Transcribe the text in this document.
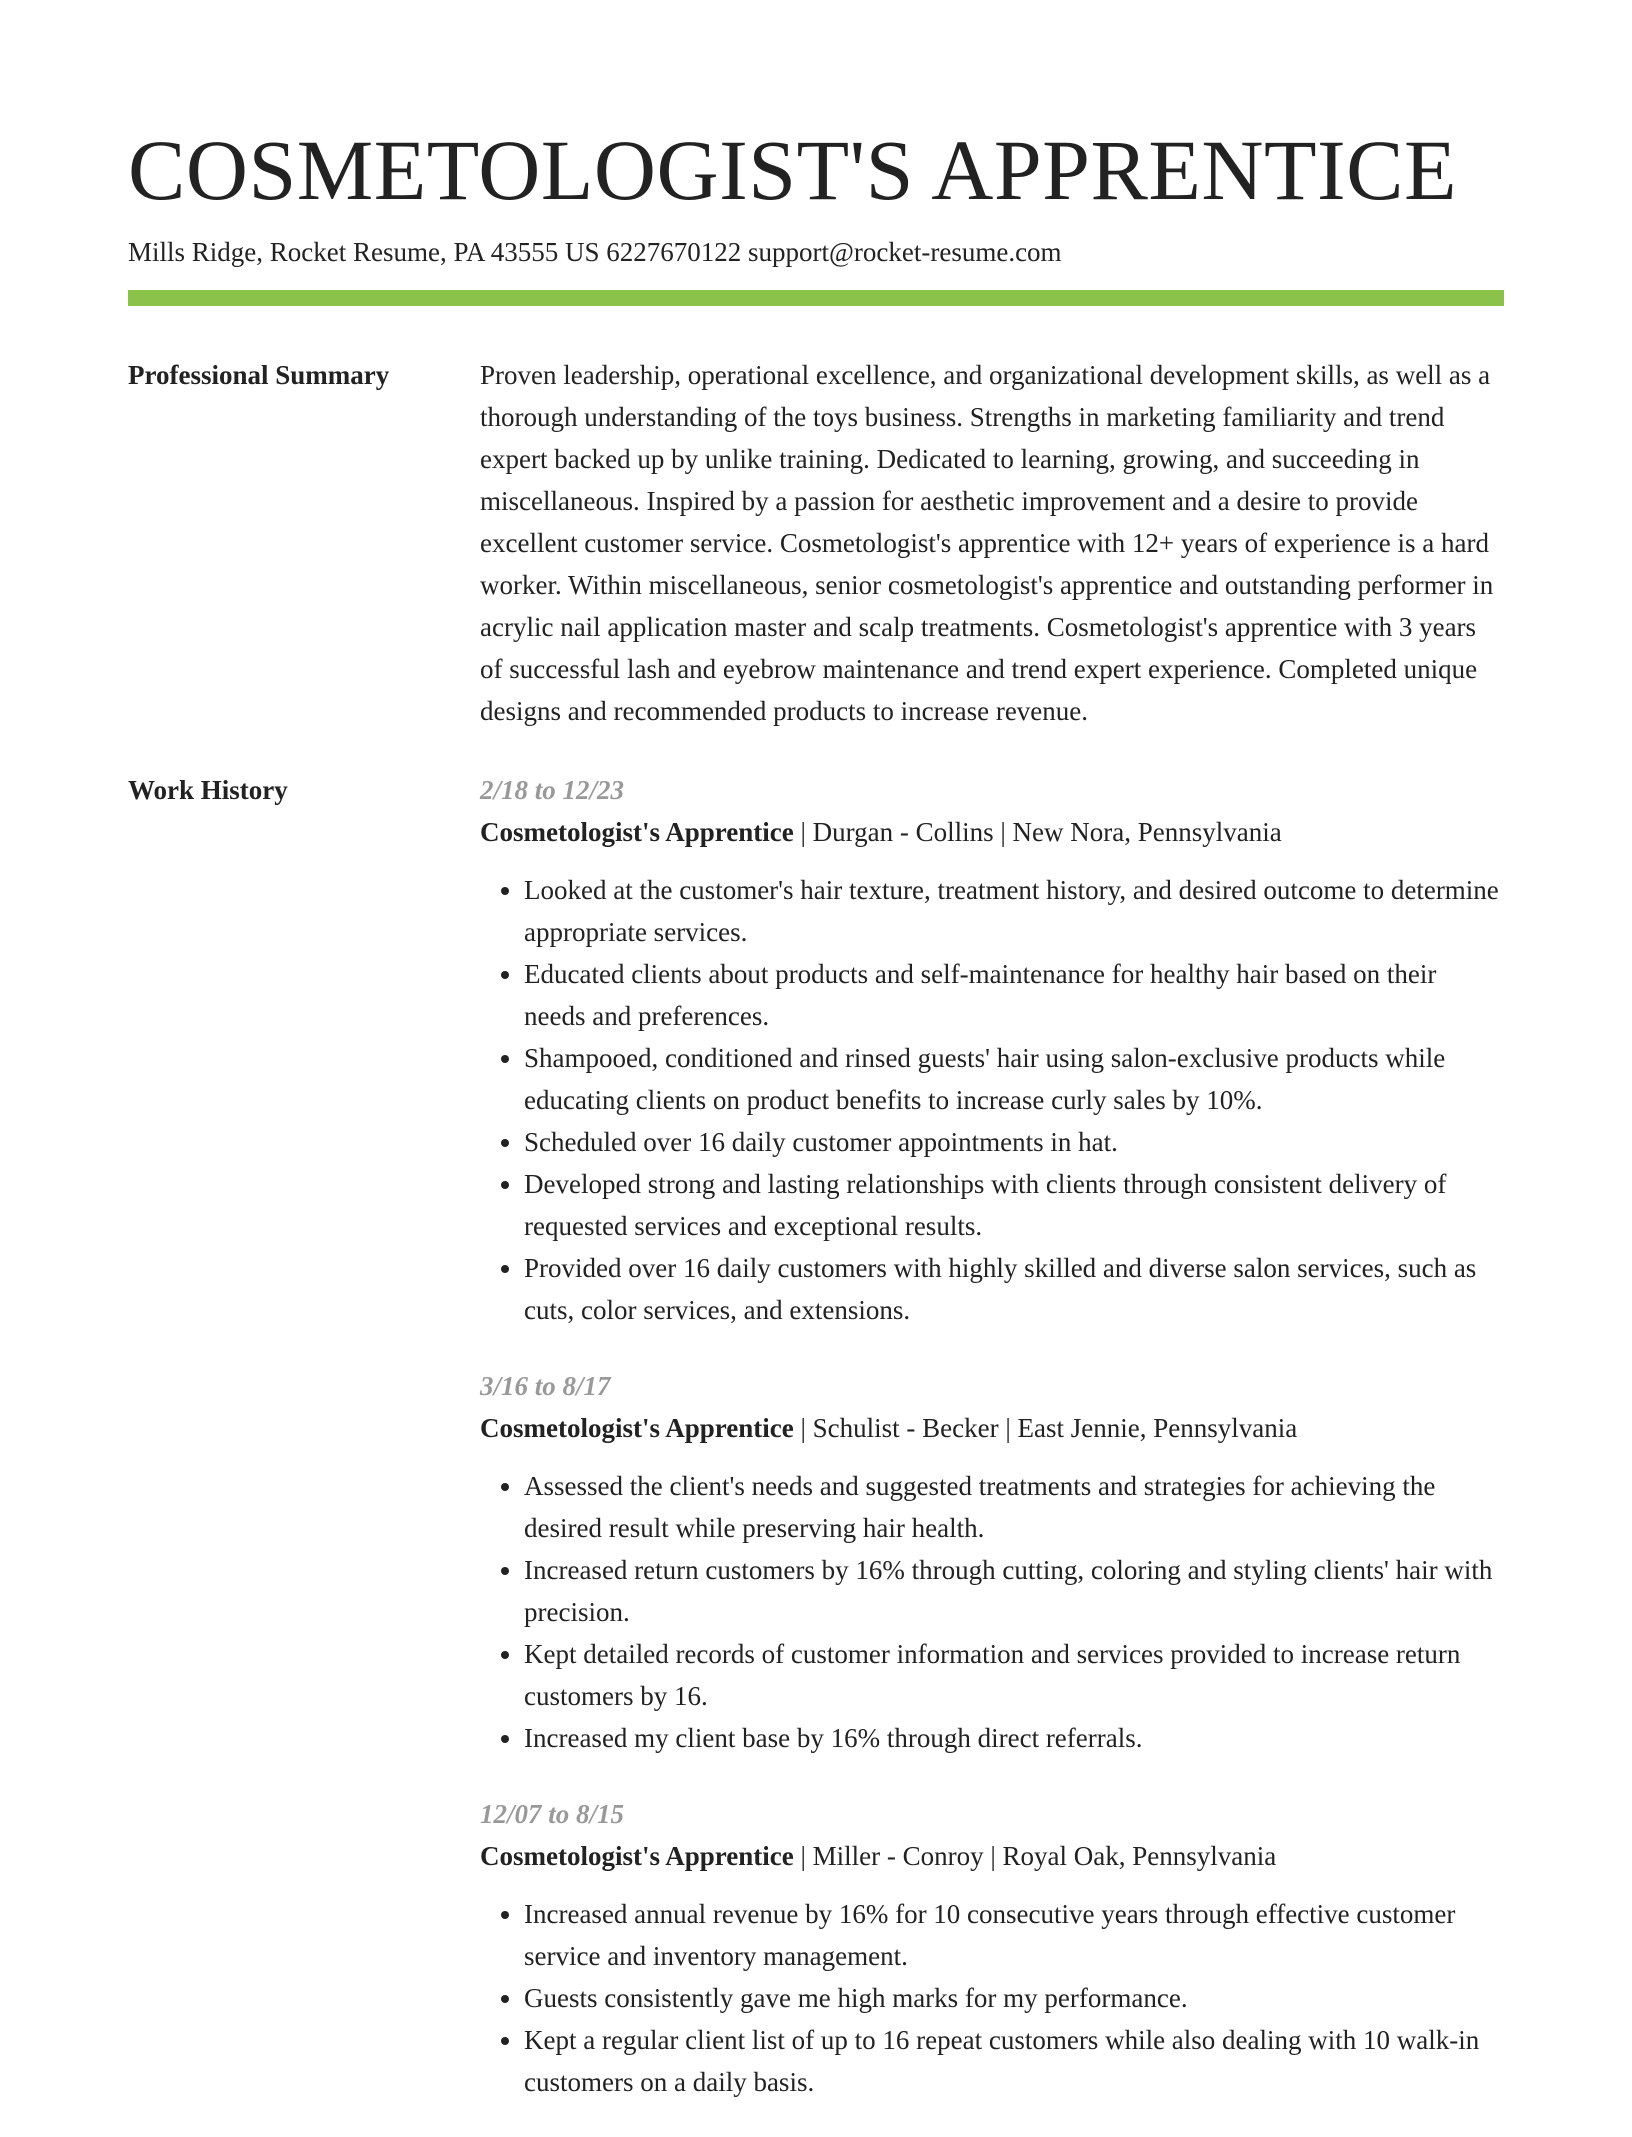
COSMETOLOGIST'S APPRENTICE
Mills Ridge, Rocket Resume, PA 43555 US 6227670122 support@rocket-resume.com
Professional Summary	Proven leadership, operational excellence, and organizational development skills, as well as a thorough understanding of the toys business. Strengths in marketing familiarity and trend expert backed up by unlike training. Dedicated to learning, growing, and succeeding in miscellaneous. Inspired by a passion for aesthetic improvement and a desire to provide excellent customer service. Cosmetologist's apprentice with 12+ years of experience is a hard worker. Within miscellaneous, senior cosmetologist's apprentice and outstanding performer in acrylic nail application master and scalp treatments. Cosmetologist's apprentice with 3 years of successful lash and eyebrow maintenance and trend expert experience. Completed unique designs and recommended products to increase revenue.

Work History	2/18 to 12/23
Cosmetologist's Apprentice | Durgan - Collins | New Nora, Pennsylvania
• Looked at the customer's hair texture, treatment history, and desired outcome to determine appropriate services.
• Educated clients about products and self-maintenance for healthy hair based on their needs and preferences.
• Shampooed, conditioned and rinsed guests' hair using salon-exclusive products while educating clients on product benefits to increase curly sales by 10%.
• Scheduled over 16 daily customer appointments in hat.
• Developed strong and lasting relationships with clients through consistent delivery of requested services and exceptional results.
• Provided over 16 daily customers with highly skilled and diverse salon services, such as cuts, color services, and extensions.
3/16 to 8/17
Cosmetologist's Apprentice | Schulist - Becker | East Jennie, Pennsylvania
• Assessed the client's needs and suggested treatments and strategies for achieving the desired result while preserving hair health.
• Increased return customers by 16% through cutting, coloring and styling clients' hair with precision.
• Kept detailed records of customer information and services provided to increase return customers by 16.
• Increased my client base by 16% through direct referrals.
12/07 to 8/15
Cosmetologist's Apprentice | Miller - Conroy | Royal Oak, Pennsylvania
• Increased annual revenue by 16% for 10 consecutive years through effective customer service and inventory management.
• Guests consistently gave me high marks for my performance.
• Kept a regular client list of up to 16 repeat customers while also dealing with 10 walk-in customers on a daily basis.
